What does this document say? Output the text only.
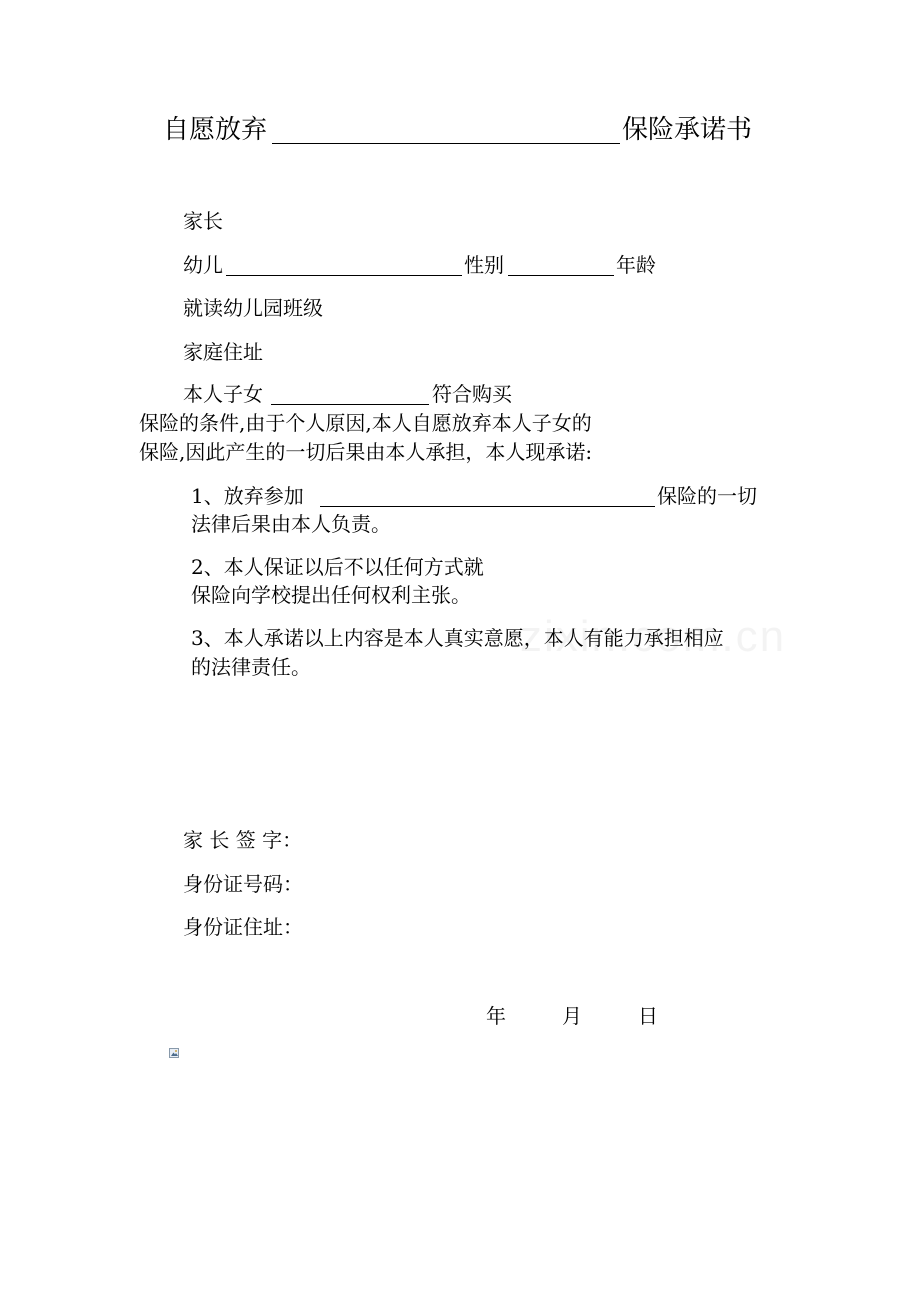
自愿放弃	保险承诺书
家长
幼儿	性别	年龄
就读幼儿园班级
家庭住址
本人子女	符合购买
保险的条件,由于个人原因,本人自愿放弃本人子女的
保险,因此产生的一切后果由本人承担，本人现承诺:
1、放弃参加	保险的一切
法律后果由本人负责。
2、本人保证以后不以任何方式就
保险向学校提出任何权利主张。
3、本人承诺以上内容是本人真实意愿，本人有能力承担相应
的法律责任。
家 长 签 字：
身份证号码：
身份证住址：
年	月	日
